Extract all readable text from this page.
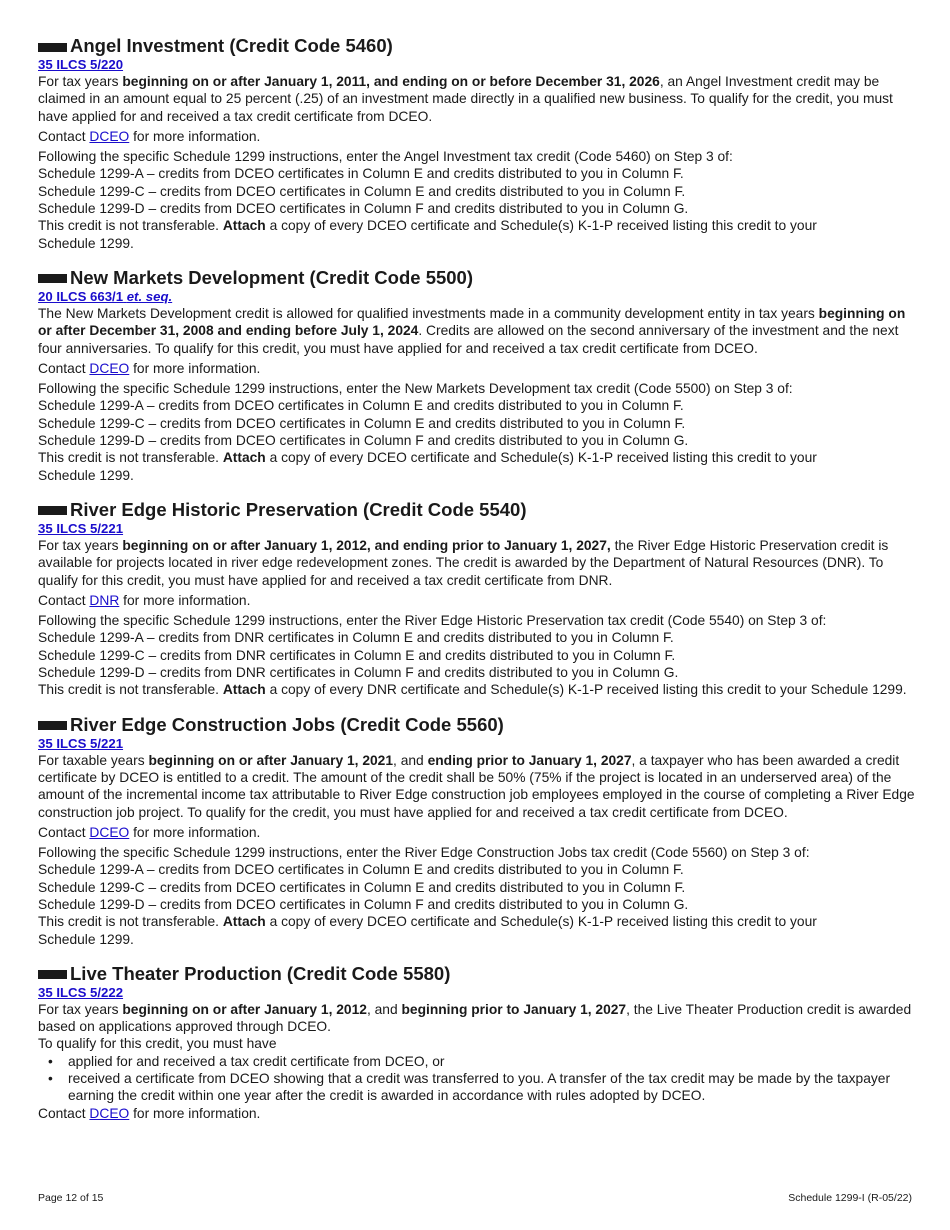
Angel Investment (Credit Code 5460)
35 ILCS 5/220

For tax years beginning on or after January 1, 2011, and ending on or before December 31, 2026, an Angel Investment credit may be claimed in an amount equal to 25 percent (.25) of an investment made directly in a qualified new business. To qualify for the credit, you must have applied for and received a tax credit certificate from DCEO.

Contact DCEO for more information.

Following the specific Schedule 1299 instructions, enter the Angel Investment tax credit (Code 5460) on Step 3 of:

Schedule 1299-A – credits from DCEO certificates in Column E and credits distributed to you in Column F.

Schedule 1299-C – credits from DCEO certificates in Column E and credits distributed to you in Column F.

Schedule 1299-D – credits from DCEO certificates in Column F and credits distributed to you in Column G.

This credit is not transferable. Attach a copy of every DCEO certificate and Schedule(s) K-1-P received listing this credit to your
Schedule 1299.

New Markets Development (Credit Code 5500)
20 ILCS 663/1 et. seq.

The New Markets Development credit is allowed for qualified investments made in a community development entity in tax years beginning on or after December 31, 2008 and ending before July 1, 2024. Credits are allowed on the second anniversary of the investment and the next four anniversaries. To qualify for this credit, you must have applied for and received a tax credit certificate from DCEO.

Contact DCEO for more information.

Following the specific Schedule 1299 instructions, enter the New Markets Development tax credit (Code 5500) on Step 3 of:

Schedule 1299-A – credits from DCEO certificates in Column E and credits distributed to you in Column F.

Schedule 1299-C – credits from DCEO certificates in Column E and credits distributed to you in Column F.

Schedule 1299-D – credits from DCEO certificates in Column F and credits distributed to you in Column G.

This credit is not transferable. Attach a copy of every DCEO certificate and Schedule(s) K-1-P received listing this credit to your
Schedule 1299.

River Edge Historic Preservation (Credit Code 5540)
35 ILCS 5/221

For tax years beginning on or after January 1, 2012, and ending prior to January 1, 2027, the River Edge Historic Preservation credit is available for projects located in river edge redevelopment zones. The credit is awarded by the Department of Natural Resources (DNR). To qualify for this credit, you must have applied for and received a tax credit certificate from DNR.

Contact DNR for more information.

Following the specific Schedule 1299 instructions, enter the River Edge Historic Preservation tax credit (Code 5540) on Step 3 of:

Schedule 1299-A – credits from DNR certificates in Column E and credits distributed to you in Column F.

Schedule 1299-C – credits from DNR certificates in Column E and credits distributed to you in Column F.

Schedule 1299-D – credits from DNR certificates in Column F and credits distributed to you in Column G.

This credit is not transferable. Attach a copy of every DNR certificate and Schedule(s) K-1-P received listing this credit to your Schedule 1299.

River Edge Construction Jobs (Credit Code 5560)
35 ILCS 5/221

For taxable years beginning on or after January 1, 2021, and ending prior to January 1, 2027, a taxpayer who has been awarded a credit certificate by DCEO is entitled to a credit. The amount of the credit shall be 50% (75% if the project is located in an underserved area) of the amount of the incremental income tax attributable to River Edge construction job employees employed in the course of completing a River Edge construction job project. To qualify for the credit, you must have applied for and received a tax credit certificate from DCEO.

Contact DCEO for more information.

Following the specific Schedule 1299 instructions, enter the River Edge Construction Jobs tax credit (Code 5560) on Step 3 of:

Schedule 1299-A – credits from DCEO certificates in Column E and credits distributed to you in Column F.

Schedule 1299-C – credits from DCEO certificates in Column E and credits distributed to you in Column F.

Schedule 1299-D – credits from DCEO certificates in Column F and credits distributed to you in Column G.

This credit is not transferable. Attach a copy of every DCEO certificate and Schedule(s) K-1-P received listing this credit to your
Schedule 1299.

Live Theater Production (Credit Code 5580)
35 ILCS 5/222

For tax years beginning on or after January 1, 2012, and beginning prior to January 1, 2027, the Live Theater Production credit is awarded based on applications approved through DCEO.

To qualify for this credit, you must have

• applied for and received a tax credit certificate from DCEO, or
• received a certificate from DCEO showing that a credit was transferred to you. A transfer of the tax credit may be made by the taxpayer earning the credit within one year after the credit is awarded in accordance with rules adopted by DCEO.

Contact DCEO for more information.

Page 12 of 15	Schedule 1299-I (R-05/22)
